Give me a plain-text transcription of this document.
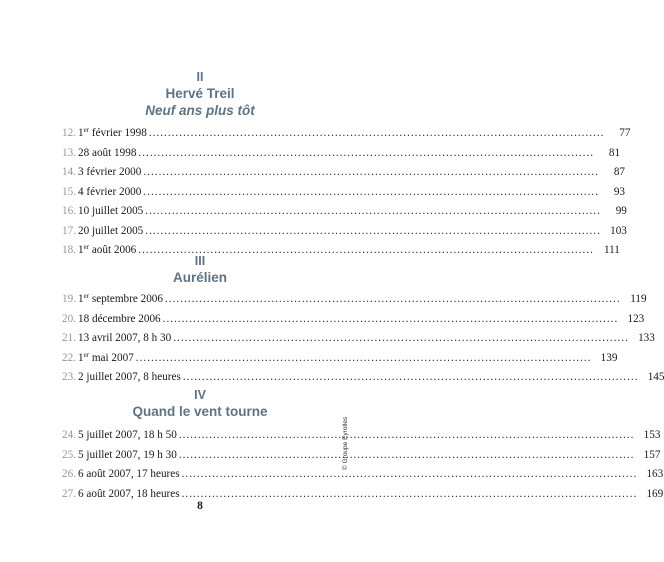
II
Hervé Treil
Neuf ans plus tôt
12. 1er février 1998 ........................................................................................................................	77
13. 28 août 1998 ........................................................................................................................	81
14. 3 février 2000 ........................................................................................................................	87
15. 4 février 2000 ........................................................................................................................	93
16. 10 juillet 2005 ........................................................................................................................	99
17. 20 juillet 2005 ........................................................................................................................ 103
18. 1er août 2006 ........................................................................................................................ 111
III
Aurélien
19. 1er septembre 2006 ........................................................................................................................ 119
20. 18 décembre 2006 ........................................................................................................................ 123
21. 13 avril 2007, 8 h 30 ........................................................................................................................ 133
22. 1er mai 2007 ........................................................................................................................ 139
23. 2 juillet 2007, 8 heures ........................................................................................................................ 145
IV
Quand le vent tourne
24. 5 juillet 2007, 18 h 50 ........................................................................................................................ 153
25. 5 juillet 2007, 19 h 30 ........................................................................................................................ 157
26. 6 août 2007, 17 heures ........................................................................................................................ 163
27. 6 août 2007, 18 heures ........................................................................................................................ 169
8
© Groupe Eyrolles
